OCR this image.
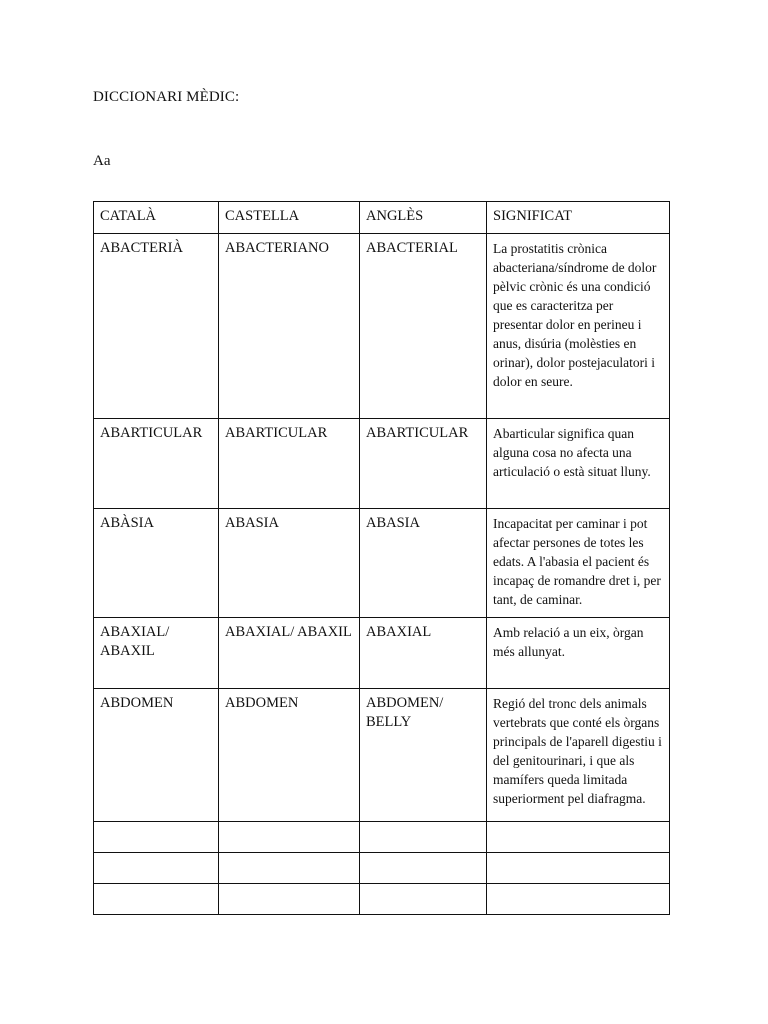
DICCIONARI MÈDIC:
Aa
CATALÀ	CASTELLA	ANGLÈS	SIGNIFICAT
ABACTERIÀ	ABACTERIANO	ABACTERIAL	La prostatitis crònica abacteriana/síndrome de dolor pèlvic crònic és una condició que es caracteritza per presentar dolor en perineu i anus, disúria (molèsties en orinar), dolor postejaculatori i dolor en seure.
ABARTICULAR	ABARTICULAR	ABARTICULAR	Abarticular significa quan alguna cosa no afecta una articulació o està situat lluny.
ABÀSIA	ABASIA	ABASIA	Incapacitat per caminar i pot afectar persones de totes les edats. A l'abasia el pacient és incapaç de romandre dret i, per tant, de caminar.
ABAXIAL/ ABAXIL	ABAXIAL/ ABAXIL	ABAXIAL	Amb relació a un eix, òrgan més allunyat.
ABDOMEN	ABDOMEN	ABDOMEN/ BELLY	Regió del tronc dels animals vertebrats que conté els òrgans principals de l'aparell digestiu i del genitourinari, i que als mamífers queda limitada superiorment pel diafragma.
